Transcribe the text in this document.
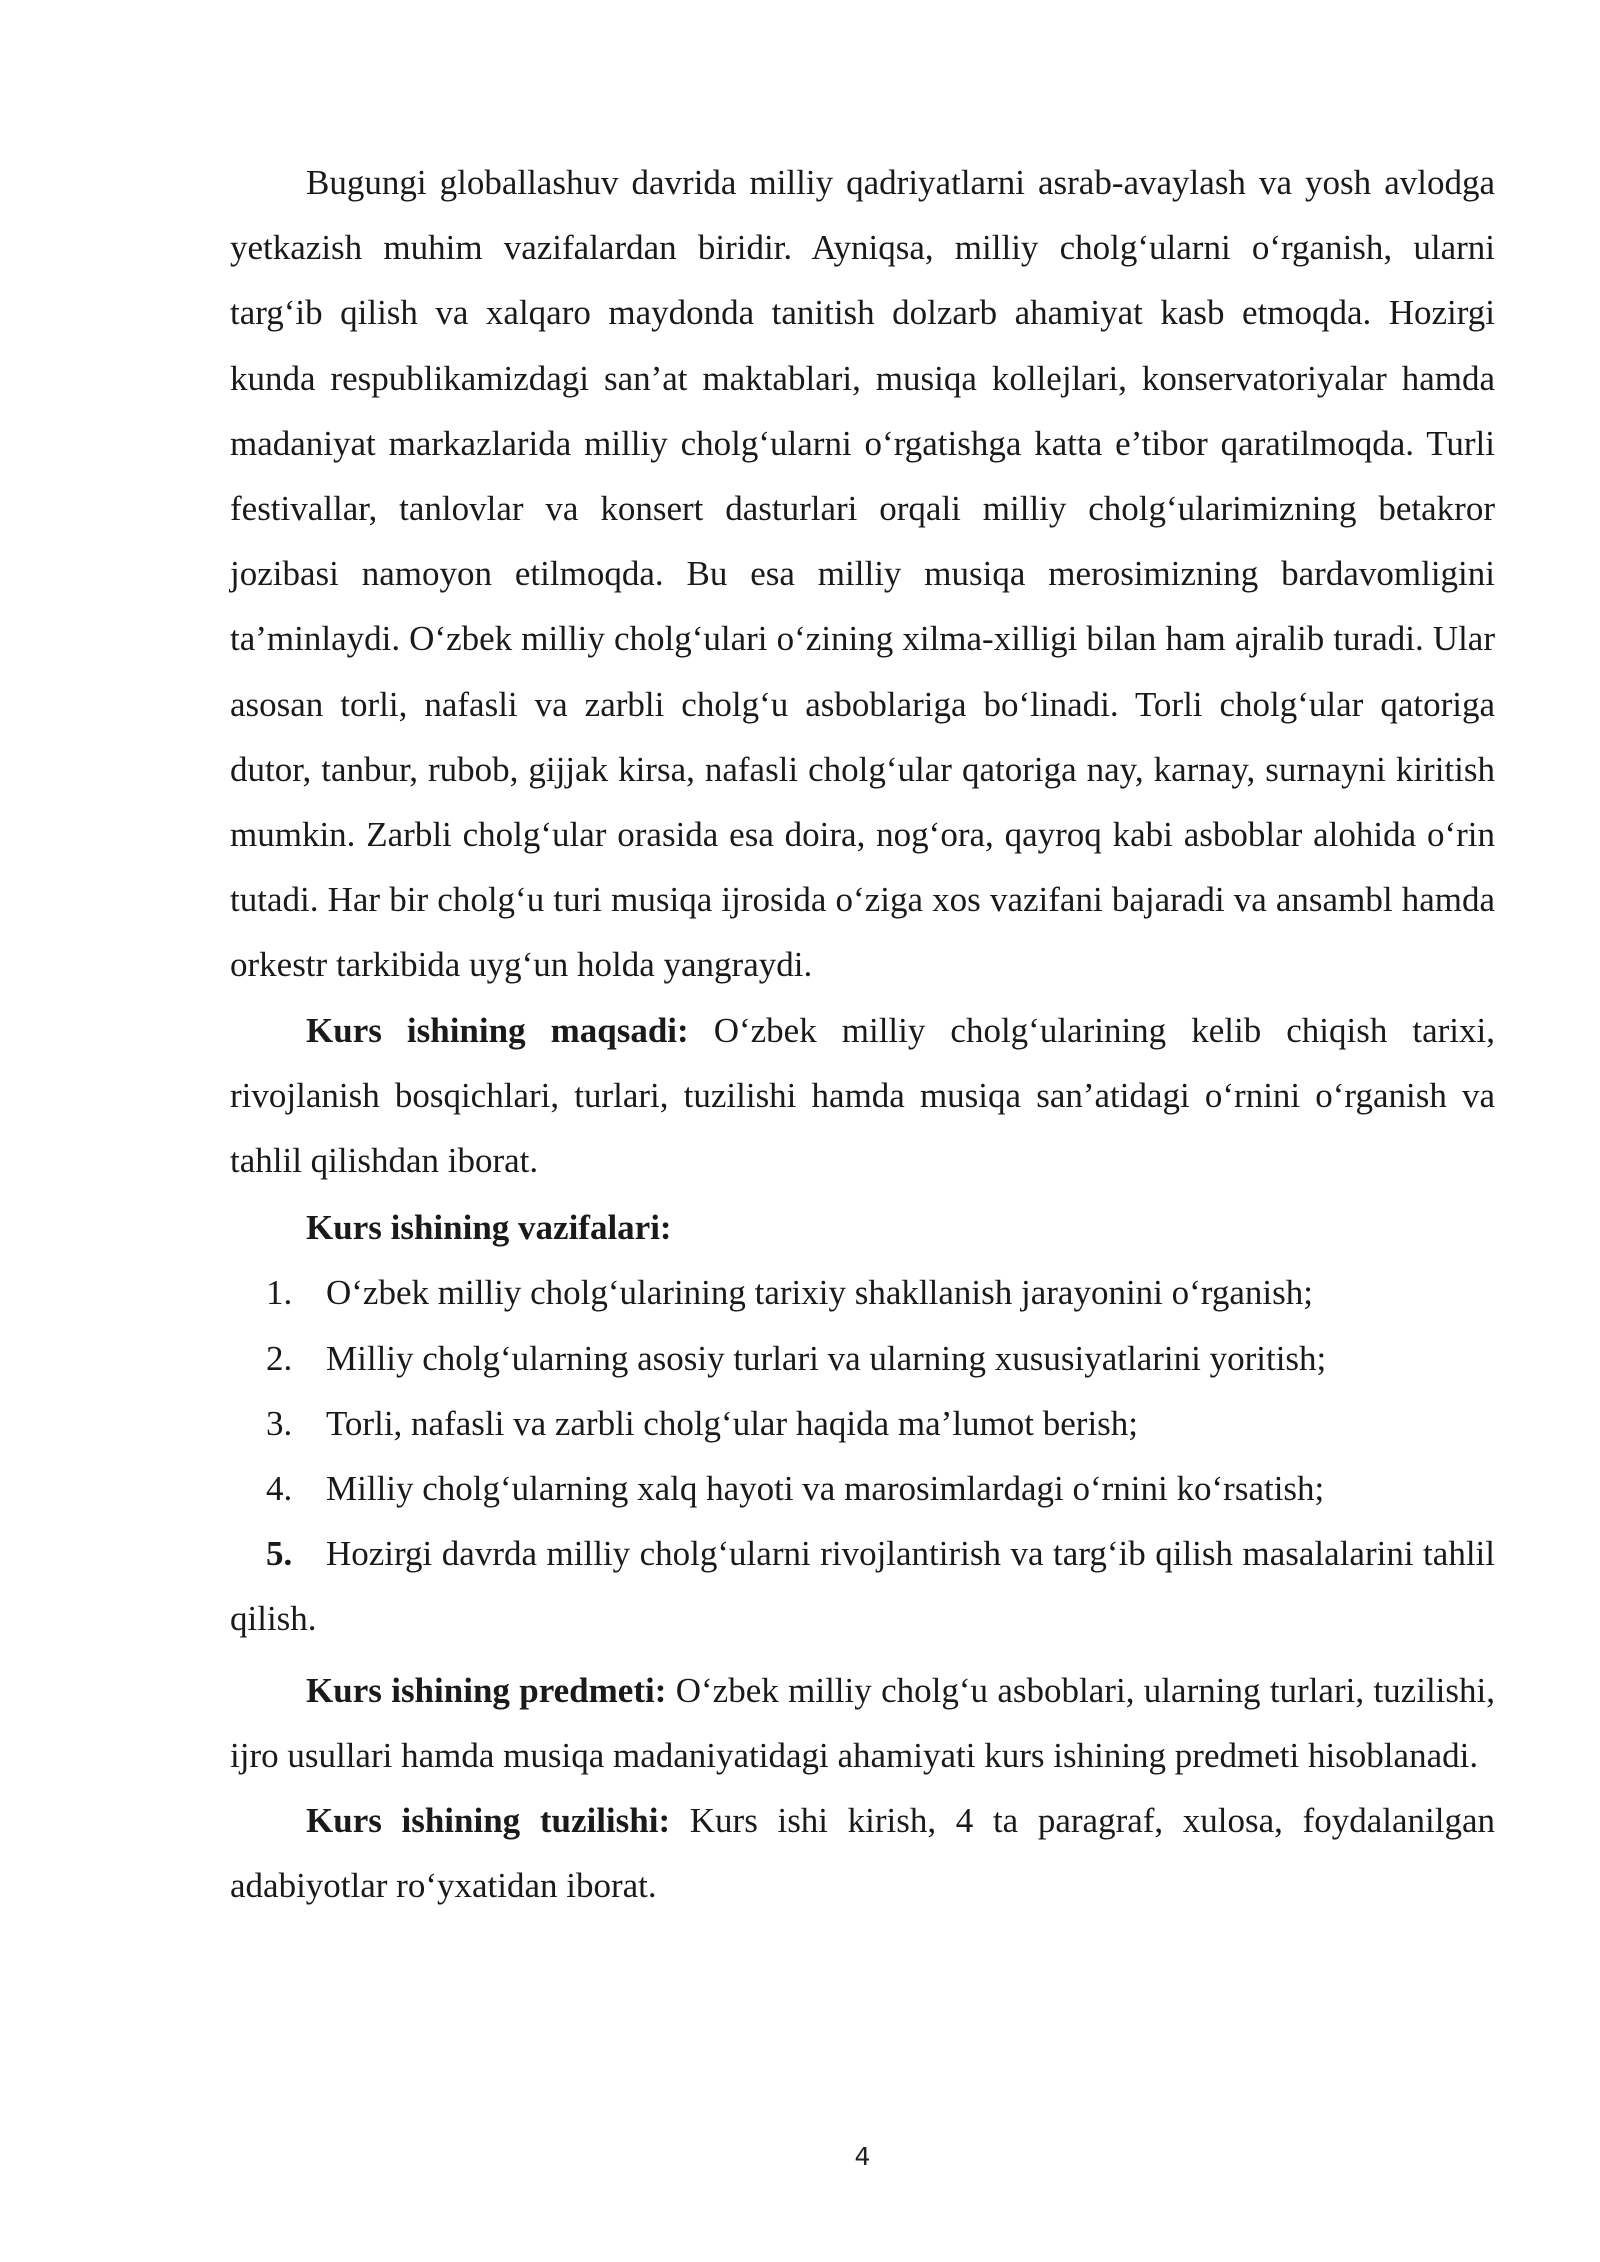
Bugungi globallashuv davrida milliy qadriyatlarni asrab-avaylash va yosh avlodga yetkazish muhim vazifalardan biridir. Ayniqsa, milliy cholg‘ularni o‘rganish, ularni targ‘ib qilish va xalqaro maydonda tanitish dolzarb ahamiyat kasb etmoqda. Hozirgi kunda respublikamizdagi san’at maktablari, musiqa kollejlari, konservatoriyalar hamda madaniyat markazlarida milliy cholg‘ularni o‘rgatishga katta e’tibor qaratilmoqda. Turli festivallar, tanlovlar va konsert dasturlari orqali milliy cholg‘ularimizning betakror jozibasi namoyon etilmoqda. Bu esa milliy musiqa merosimizning bardavomligini ta’minlaydi. O‘zbek milliy cholg‘ulari o‘zining xilma-xilligi bilan ham ajralib turadi. Ular asosan torli, nafasli va zarbli cholg‘u asboblariga bo‘linadi. Torli cholg‘ular qatoriga dutor, tanbur, rubob, gijjak kirsa, nafasli cholg‘ular qatoriga nay, karnay, surnayni kiritish mumkin. Zarbli cholg‘ular orasida esa doira, nog‘ora, qayroq kabi asboblar alohida o‘rin tutadi. Har bir cholg‘u turi musiqa ijrosida o‘ziga xos vazifani bajaradi va ansambl hamda orkestr tarkibida uyg‘un holda yangraydi.

Kurs ishining maqsadi: O‘zbek milliy cholg‘ularining kelib chiqish tarixi, rivojlanish bosqichlari, turlari, tuzilishi hamda musiqa san’atidagi o‘rnini o‘rganish va tahlil qilishdan iborat.

Kurs ishining vazifalari:

1. O‘zbek milliy cholg‘ularining tarixiy shakllanish jarayonini o‘rganish;
2. Milliy cholg‘ularning asosiy turlari va ularning xususiyatlarini yoritish;
3. Torli, nafasli va zarbli cholg‘ular haqida ma’lumot berish;
4. Milliy cholg‘ularning xalq hayoti va marosimlardagi o‘rnini ko‘rsatish;
5. Hozirgi davrda milliy cholg‘ularni rivojlantirish va targ‘ib qilish masalalarini tahlil qilish.

Kurs ishining predmeti: O‘zbek milliy cholg‘u asboblari, ularning turlari, tuzilishi, ijro usullari hamda musiqa madaniyatidagi ahamiyati kurs ishining predmeti hisoblanadi.

Kurs ishining tuzilishi: Kurs ishi kirish, 4 ta paragraf, xulosa, foydalanilgan adabiyotlar ro‘yxatidan iborat.

4
